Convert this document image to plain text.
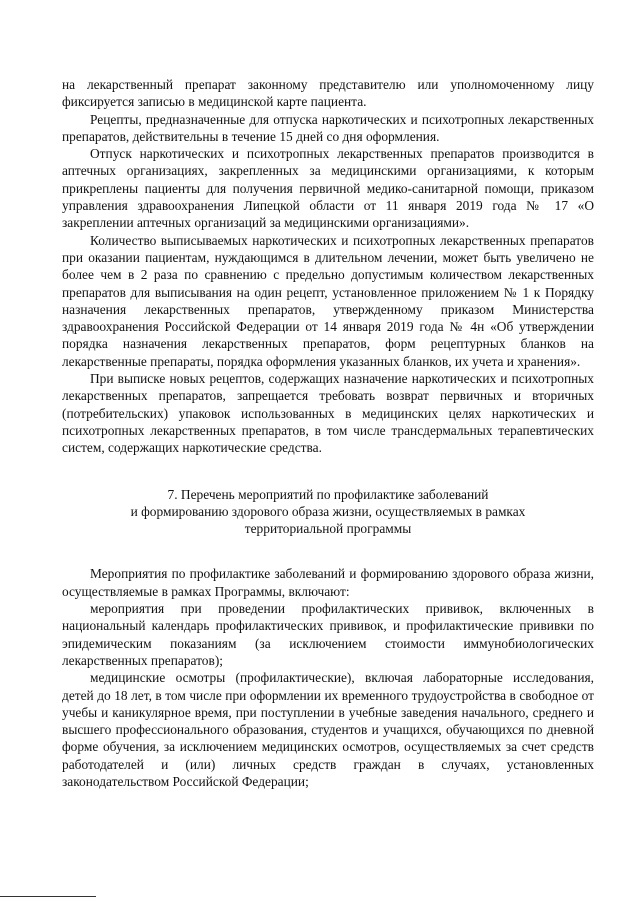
на лекарственный препарат законному представителю или уполномоченному лицу фиксируется записью в медицинской карте пациента.

Рецепты, предназначенные для отпуска наркотических и психотропных лекарственных препаратов, действительны в течение 15 дней со дня оформления.

Отпуск наркотических и психотропных лекарственных препаратов производится в аптечных организациях, закрепленных за медицинскими организациями, к которым прикреплены пациенты для получения первичной медико-санитарной помощи, приказом управления здравоохранения Липецкой области от 11 января 2019 года № 17 «О закреплении аптечных организаций за медицинскими организациями».

Количество выписываемых наркотических и психотропных лекарственных препаратов при оказании пациентам, нуждающимся в длительном лечении, может быть увеличено не более чем в 2 раза по сравнению с предельно допустимым количеством лекарственных препаратов для выписывания на один рецепт, установленное приложением № 1 к Порядку назначения лекарственных препаратов, утвержденному приказом Министерства здравоохранения Российской Федерации от 14 января 2019 года № 4н «Об утверждении порядка назначения лекарственных препаратов, форм рецептурных бланков на лекарственные препараты, порядка оформления указанных бланков, их учета и хранения».

При выписке новых рецептов, содержащих назначение наркотических и психотропных лекарственных препаратов, запрещается требовать возврат первичных и вторичных (потребительских) упаковок использованных в медицинских целях наркотических и психотропных лекарственных препаратов, в том числе трансдермальных терапевтических систем, содержащих наркотические средства.

7. Перечень мероприятий по профилактике заболеваний
и формированию здорового образа жизни, осуществляемых в рамках
территориальной программы

Мероприятия по профилактике заболеваний и формированию здорового образа жизни, осуществляемые в рамках Программы, включают:

мероприятия при проведении профилактических прививок, включенных в национальный календарь профилактических прививок, и профилактические прививки по эпидемическим показаниям (за исключением стоимости иммунобиологических лекарственных препаратов);

медицинские осмотры (профилактические), включая лабораторные исследования, детей до 18 лет, в том числе при оформлении их временного трудоустройства в свободное от учебы и каникулярное время, при поступлении в учебные заведения начального, среднего и высшего профессионального образования, студентов и учащихся, обучающихся по дневной форме обучения, за исключением медицинских осмотров, осуществляемых за счет средств работодателей и (или) личных средств граждан в случаях, установленных законодательством Российской Федерации;
